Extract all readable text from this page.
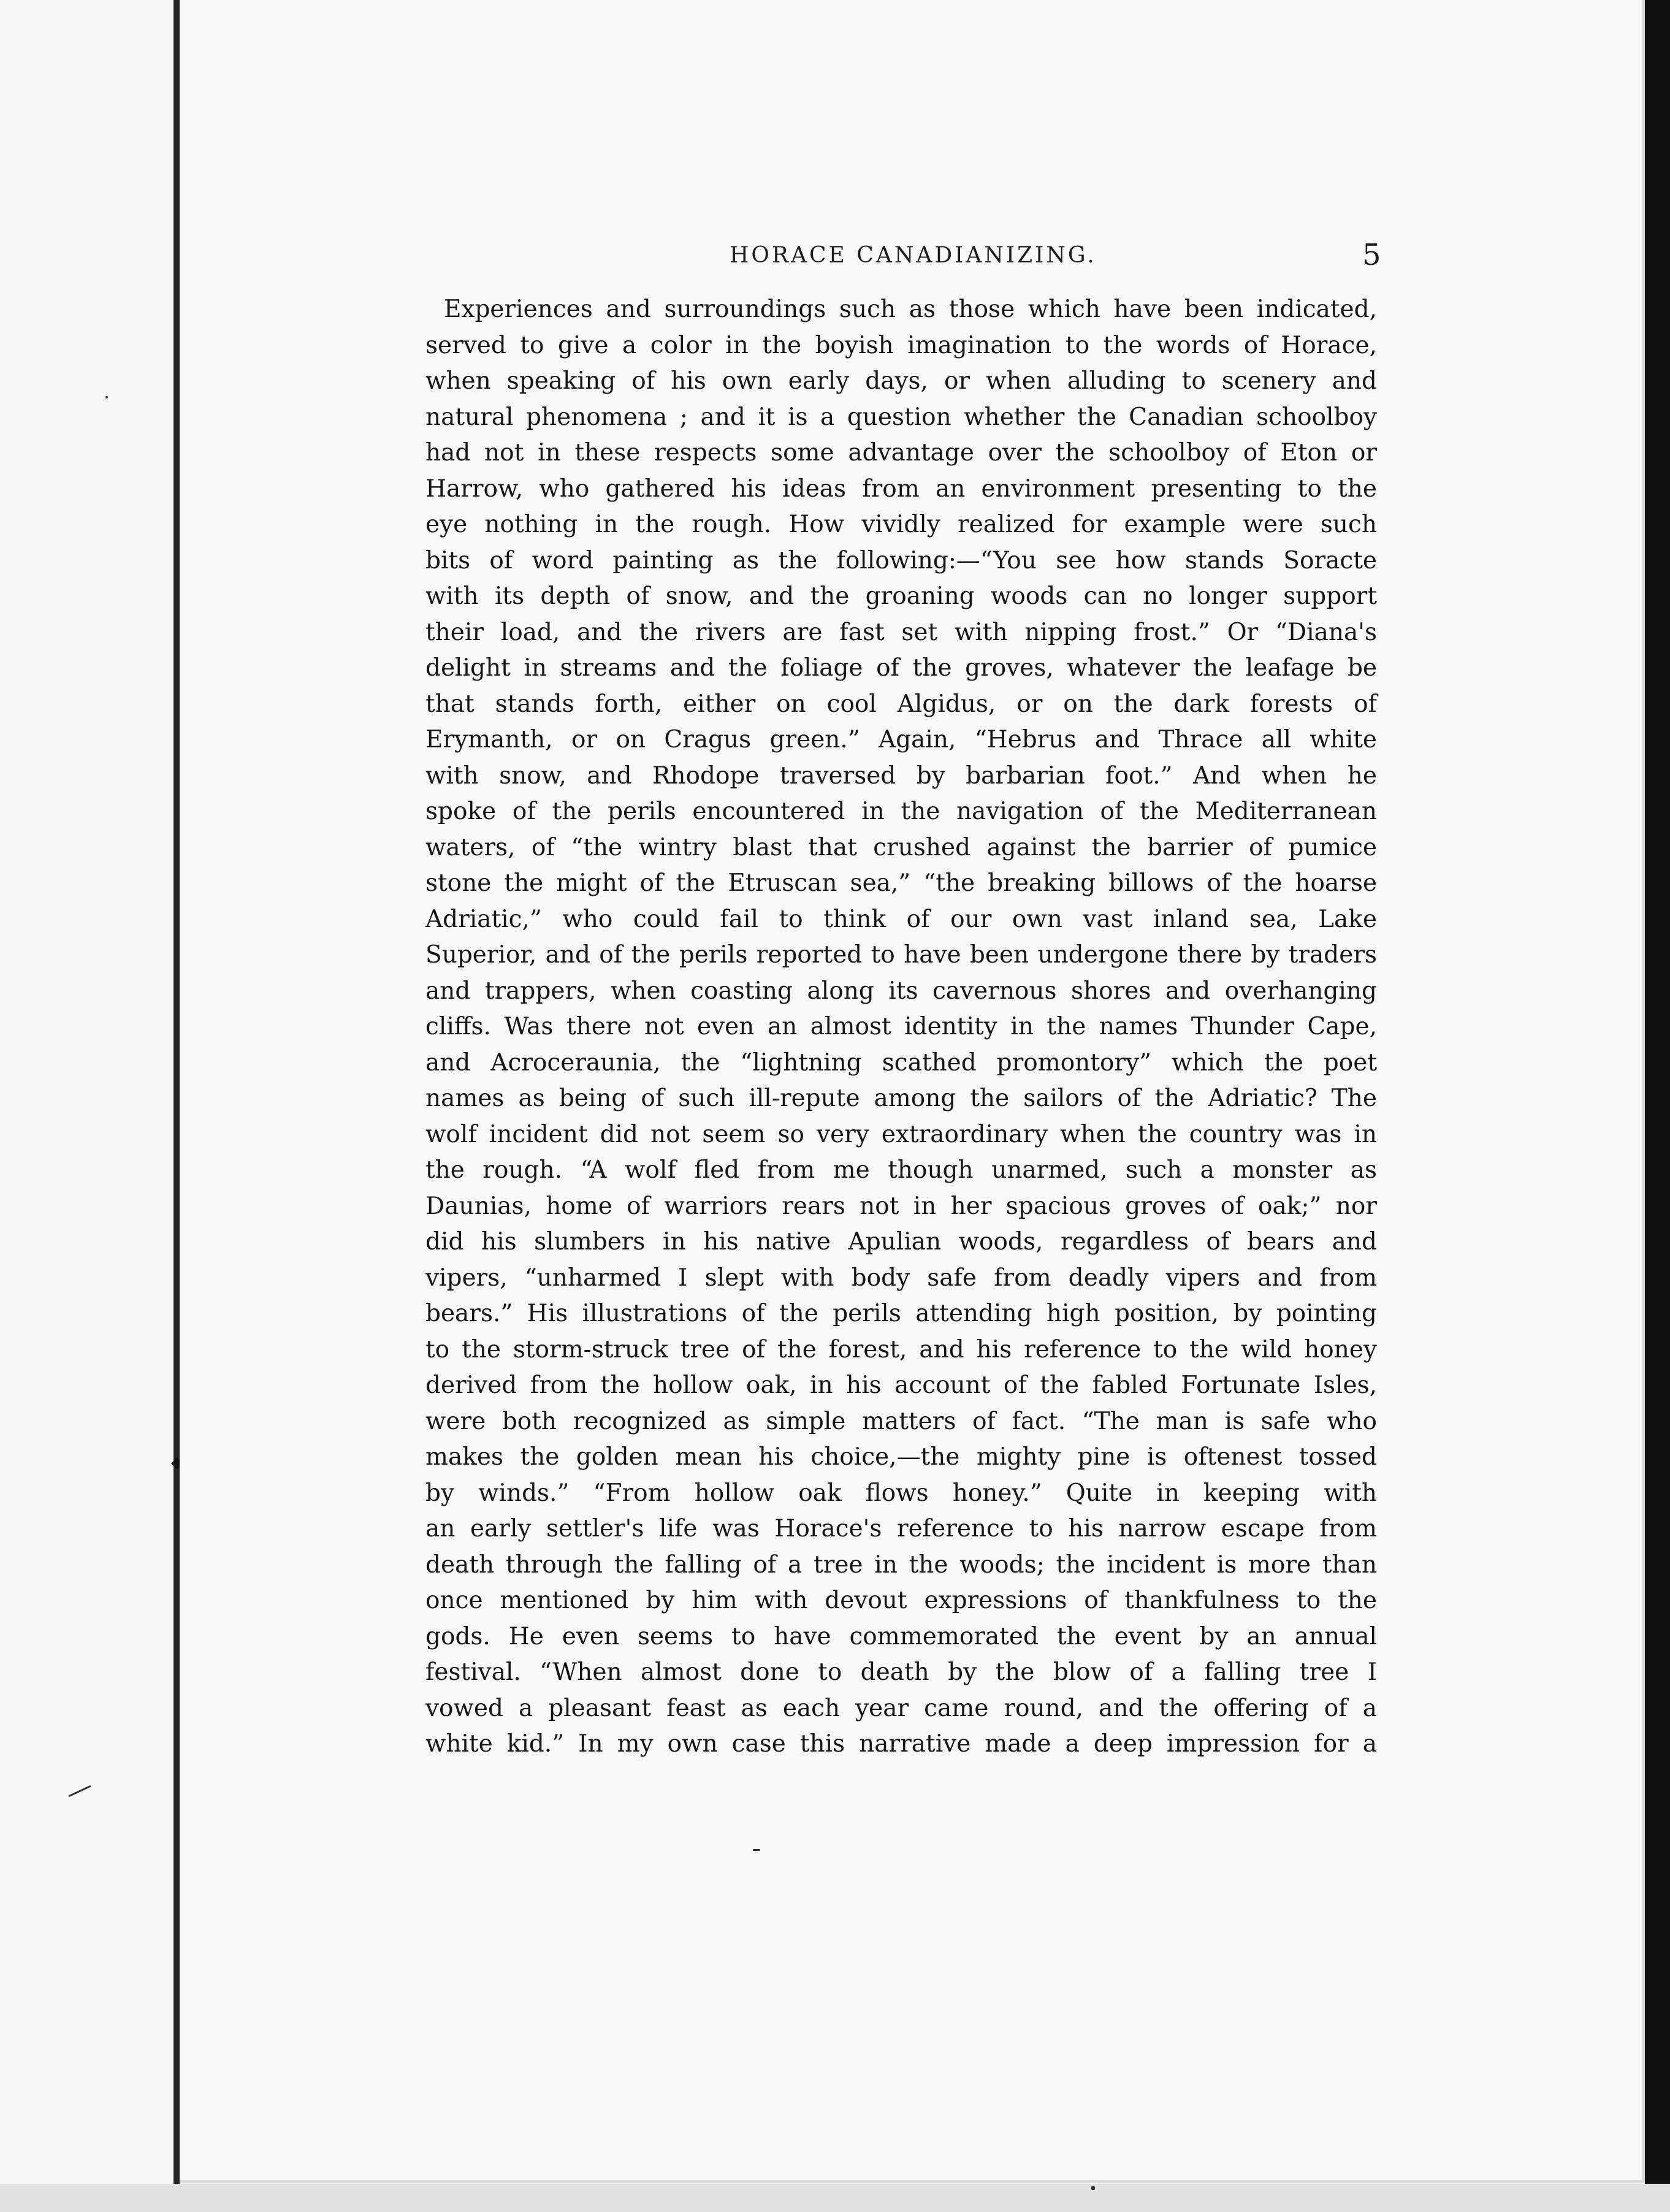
HORACE CANADIANIZING.	5
Experiences and surroundings such as those which have been indicated,
served to give a color in the boyish imagination to the words of Horace,
when speaking of his own early days, or when alluding to scenery and
natural phenomena ; and it is a question whether the Canadian schoolboy
had not in these respects some advantage over the schoolboy of Eton or
Harrow, who gathered his ideas from an environment presenting to the
eye nothing in the rough. How vividly realized for example were such
bits of word painting as the following:—“You see how stands Soracte
with its depth of snow, and the groaning woods can no longer support
their load, and the rivers are fast set with nipping frost.” Or “Diana's
delight in streams and the foliage of the groves, whatever the leafage be
that stands forth, either on cool Algidus, or on the dark forests of
Erymanth, or on Cragus green.” Again, “Hebrus and Thrace all white
with snow, and Rhodope traversed by barbarian foot.” And when he
spoke of the perils encountered in the navigation of the Mediterranean
waters, of “the wintry blast that crushed against the barrier of pumice
stone the might of the Etruscan sea,” “the breaking billows of the hoarse
Adriatic,” who could fail to think of our own vast inland sea, Lake
Superior, and of the perils reported to have been undergone there by traders
and trappers, when coasting along its cavernous shores and overhanging
cliffs. Was there not even an almost identity in the names Thunder Cape,
and Acroceraunia, the “lightning scathed promontory” which the poet
names as being of such ill-repute among the sailors of the Adriatic? The
wolf incident did not seem so very extraordinary when the country was in
the rough. “A wolf fled from me though unarmed, such a monster as
Daunias, home of warriors rears not in her spacious groves of oak;” nor
did his slumbers in his native Apulian woods, regardless of bears and
vipers, “unharmed I slept with body safe from deadly vipers and from
bears.” His illustrations of the perils attending high position, by pointing
to the storm-struck tree of the forest, and his reference to the wild honey
derived from the hollow oak, in his account of the fabled Fortunate Isles,
were both recognized as simple matters of fact. “The man is safe who
makes the golden mean his choice,—the mighty pine is oftenest tossed
by winds.” “From hollow oak flows honey.” Quite in keeping with
an early settler's life was Horace's reference to his narrow escape from
death through the falling of a tree in the woods; the incident is more than
once mentioned by him with devout expressions of thankfulness to the
gods. He even seems to have commemorated the event by an annual
festival. “When almost done to death by the blow of a falling tree I
vowed a pleasant feast as each year came round, and the offering of a
white kid.” In my own case this narrative made a deep impression for a
